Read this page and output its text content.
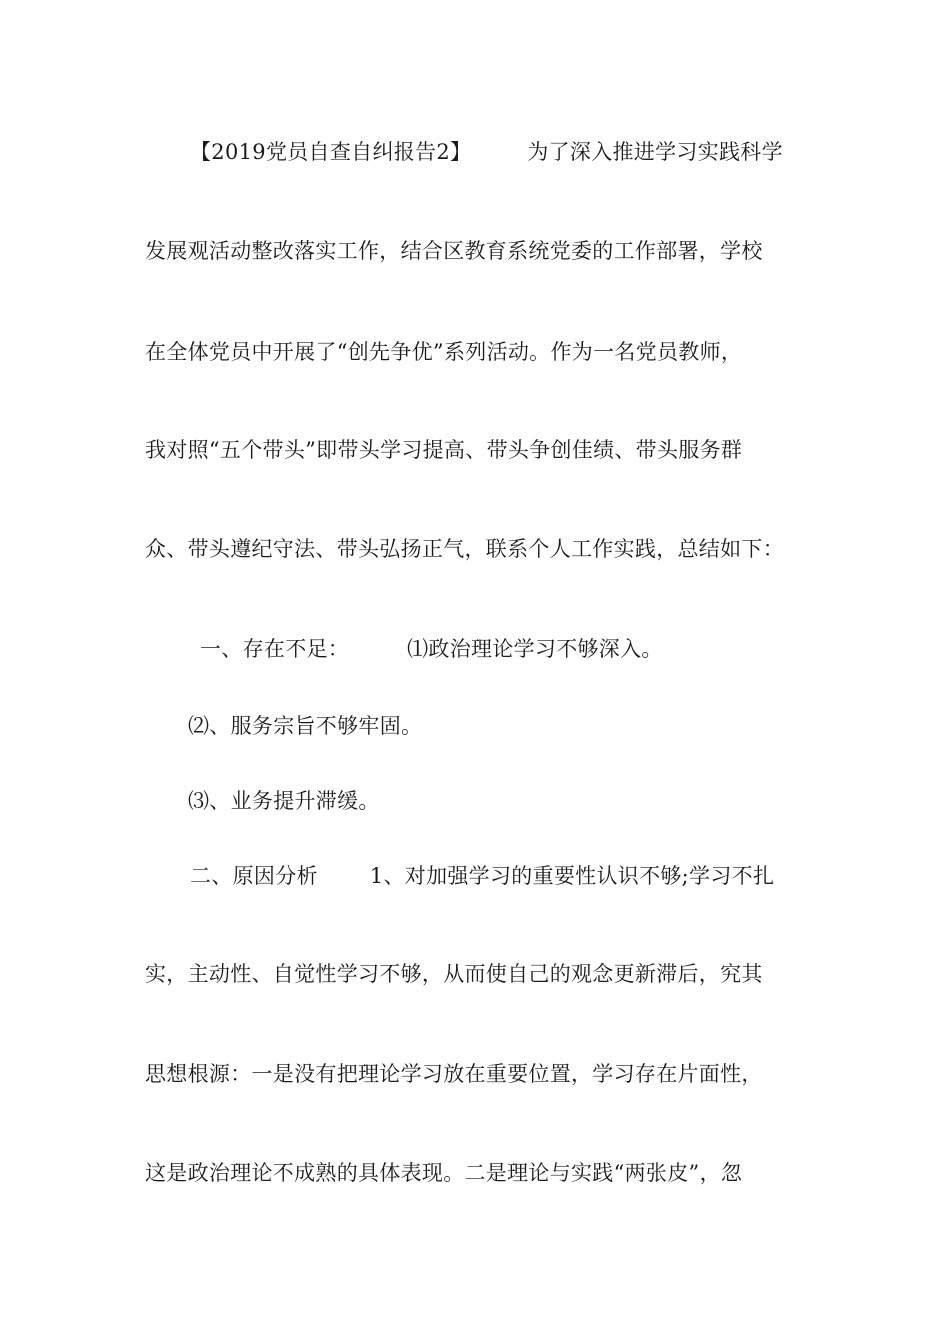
【2019党员自查自纠报告2】	为了深入推进学习实践科学
发展观活动整改落实工作，结合区教育系统党委的工作部署，学校
在全体党员中开展了“创先争优”系列活动。作为一名党员教师，
我对照“五个带头”即带头学习提高、带头争创佳绩、带头服务群
众、带头遵纪守法、带头弘扬正气，联系个人工作实践，总结如下：
一、存在不足：	⑴政治理论学习不够深入。
⑵、服务宗旨不够牢固。
⑶、业务提升滞缓。
二、原因分析 1、对加强学习的重要性认识不够;学习不扎
实，主动性、自觉性学习不够，从而使自己的观念更新滞后，究其
思想根源：一是没有把理论学习放在重要位置，学习存在片面性，
这是政治理论不成熟的具体表现。二是理论与实践“两张皮”，忽
